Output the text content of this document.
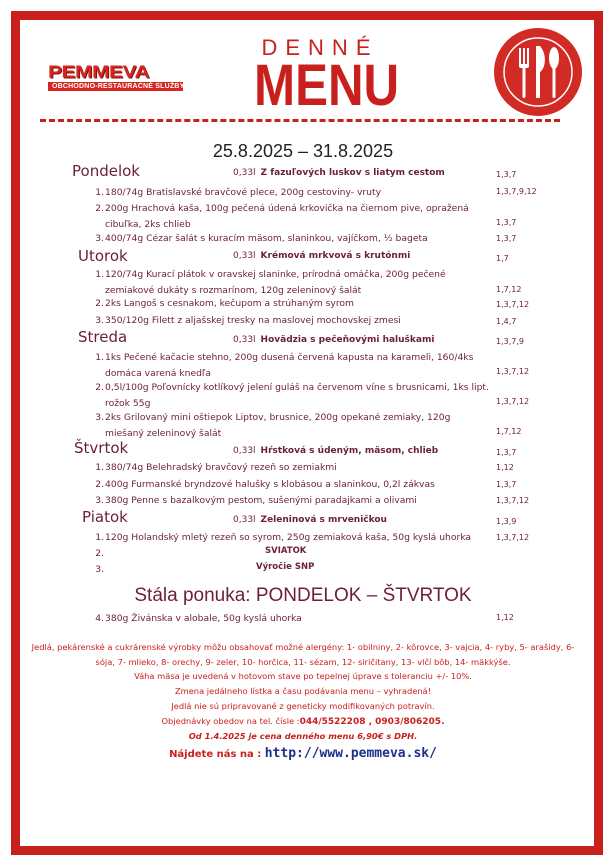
PEMMEVA
OBCHODNO-REŠTAURAČNÉ SLUŽBY
DENNÉ
MENU
25.8.2025 – 31.8.2025
Pondelok	0,33l Z fazuľových luskov s liatym cestom	1,3,7
1. 180/74g Bratislavské bravčové plece, 200g cestoviny- vruty	1,3,7,9,12
2. 200g Hrachová kaša, 100g pečená údená krkovička na čiernom pive, opražená cibuľka, 2ks chlieb	1,3,7
3. 400/74g Cézar šalát s kuracím mäsom, slaninkou, vajíčkom, ½ bageta	1,3,7
Utorok	0,33l Krémová mrkvová s krutónmi	1,7
1. 120/74g Kurací plátok v oravskej slaninke, prírodná omáčka, 200g pečené zemiakové dukáty s rozmarínom, 120g zeleninový šalát	1,7,12
2. 2ks Langoš s cesnakom, kečupom a strúhaným syrom	1,3,7,12
3. 350/120g Filett z aljašskej tresky na maslovej mochovskej zmesi	1,4,7
Streda	0,33l Hovädzia s pečeňovými haluškami	1,3,7,9
1. 1ks Pečené kačacie stehno, 200g dusená červená kapusta na karameli, 160/4ks domáca varená knedľa	1,3,7,12
2. 0,5l/100g Poľovnícky kotlíkový jelení guláš na červenom víne s brusnicami, 1ks lipt. rožok 55g	1,3,7,12
3. 2ks Grilovaný mini oštiepok Liptov, brusnice, 200g opekané zemiaky, 120g miešaný zeleninový šalát	1,7,12
Štvrtok	0,33l Hŕstková s údeným, mäsom, chlieb	1,3,7
1. 380/74g Belehradský bravčový rezeň so zemiakmi	1,12
2. 400g Furmanské bryndzové halušky s klobásou a slaninkou, 0,2l zákvas	1,3,7
3. 380g Penne s bazalkovým pestom, sušenými paradajkami a olivami	1,3,7,12
Piatok	0,33l Zeleninová s mrveničkou	1,3,9
1. 120g Holandský mletý rezeň so syrom, 250g zemiaková kaša, 50g kyslá uhorka	1,3,7,12
2.	SVIATOK
3.	Výročie SNP
Stála ponuka: PONDELOK – ŠTVRTOK
4. 380g Živánska v alobale, 50g kyslá uhorka	1,12
Jedlá, pekárenské a cukrárenské výrobky môžu obsahovať možné alergény: 1- obilniny, 2- kôrovce, 3- vajcia, 4- ryby, 5- arašidy, 6- sója, 7- mlieko, 8- orechy, 9- zeler, 10- horčica, 11- sézam, 12- siričitany, 13- vlčí bôb, 14- mäkkýše.
Váha mäsa je uvedená v hotovom stave po tepelnej úprave s toleranciu +/- 10%.
Zmena jedálneho lístka a času podávania menu – vyhradená!
Jedlá nie sú pripravované z geneticky modifikovaných potravín.
Objednávky obedov na tel. čísle :044/5522208 , 0903/806205.
Od 1.4.2025 je cena denného menu 6,90€ s DPH.
Nájdete nás na : http://www.pemmeva.sk/
